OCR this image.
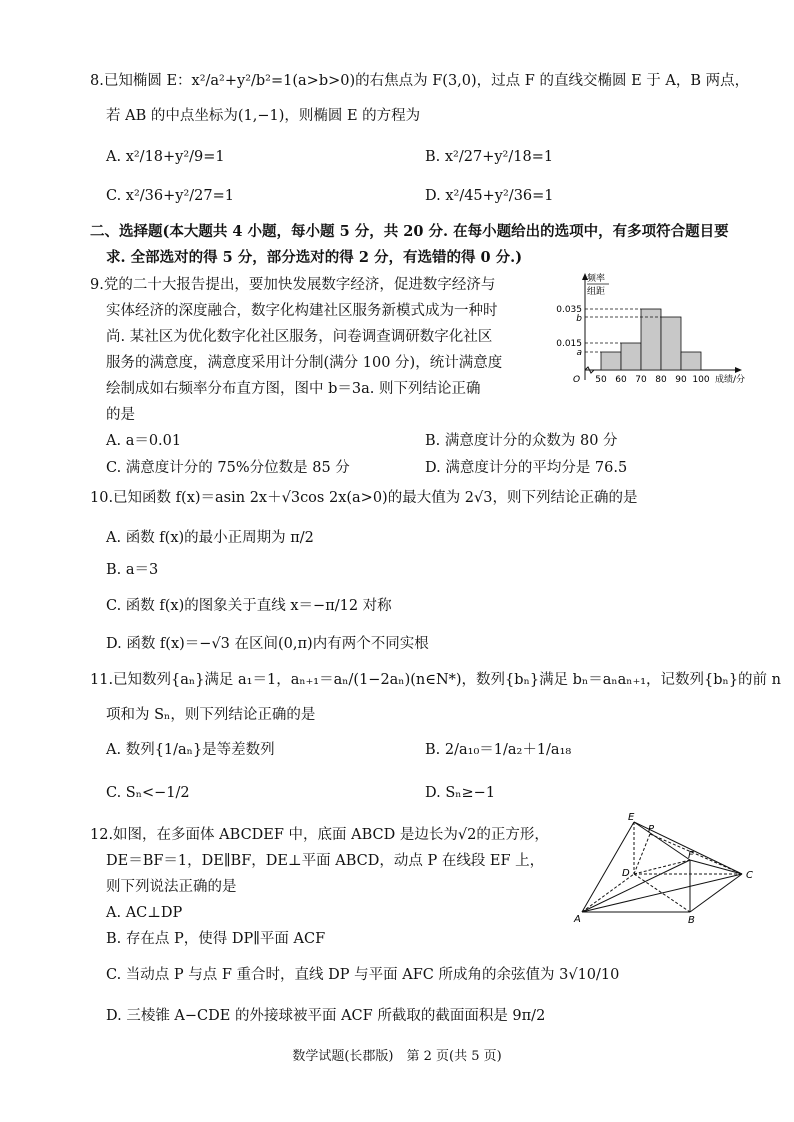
8.已知椭圆 E：x²/a²+y²/b²=1(a>b>0)的右焦点为 F(3,0)，过点 F 的直线交椭圆 E 于 A，B 两点，
若 AB 的中点坐标为(1,−1)，则椭圆 E 的方程为
A. x²/18+y²/9=1	B. x²/27+y²/18=1
C. x²/36+y²/27=1	D. x²/45+y²/36=1
二、选择题(本大题共 4 小题，每小题 5 分，共 20 分. 在每小题给出的选项中，有多项符合题目要
求. 全部选对的得 5 分，部分选对的得 2 分，有选错的得 0 分.)
9.党的二十大报告提出，要加快发展数字经济，促进数字经济与
实体经济的深度融合，数字化构建社区服务新模式成为一种时
尚. 某社区为优化数字化社区服务，问卷调查调研数字化社区
服务的满意度，满意度采用计分制(满分 100 分)，统计满意度
绘制成如右频率分布直方图，图中 b＝3a. 则下列结论正确
的是
频率
组距
0.035
b
0.015
a
O 50 60 70 80 90 100 成绩/分
A. a＝0.01	B. 满意度计分的众数为 80 分
C. 满意度计分的 75%分位数是 85 分	D. 满意度计分的平均分是 76.5
10.已知函数 f(x)＝asin 2x＋√3cos 2x(a>0)的最大值为 2√3，则下列结论正确的是
A. 函数 f(x)的最小正周期为 π/2
B. a＝3
C. 函数 f(x)的图象关于直线 x＝−π/12 对称
D. 函数 f(x)＝−√3 在区间(0,π)内有两个不同实根
11.已知数列{aₙ}满足 a₁＝1，aₙ₊₁＝aₙ/(1−2aₙ)(n∈N*)，数列{bₙ}满足 bₙ＝aₙaₙ₊₁，记数列{bₙ}的前 n
项和为 Sₙ，则下列结论正确的是
A. 数列{1/aₙ}是等差数列	B. 2/a₁₀＝1/a₂＋1/a₁₈
C. Sₙ<−1/2	D. Sₙ≥−1
12.如图，在多面体 ABCDEF 中，底面 ABCD 是边长为√2的正方形，
DE＝BF＝1，DE∥BF，DE⊥平面 ABCD，动点 P 在线段 EF 上，
则下列说法正确的是
A. AC⊥DP
B. 存在点 P，使得 DP∥平面 ACF
C. 当动点 P 与点 F 重合时，直线 DP 与平面 AFC 所成角的余弦值为 3√10/10
D. 三棱锥 A−CDE 的外接球被平面 ACF 所截取的截面面积是 9π/2
E
P
F
D	C
A	B
数学试题(长郡版)　第 2 页(共 5 页)
